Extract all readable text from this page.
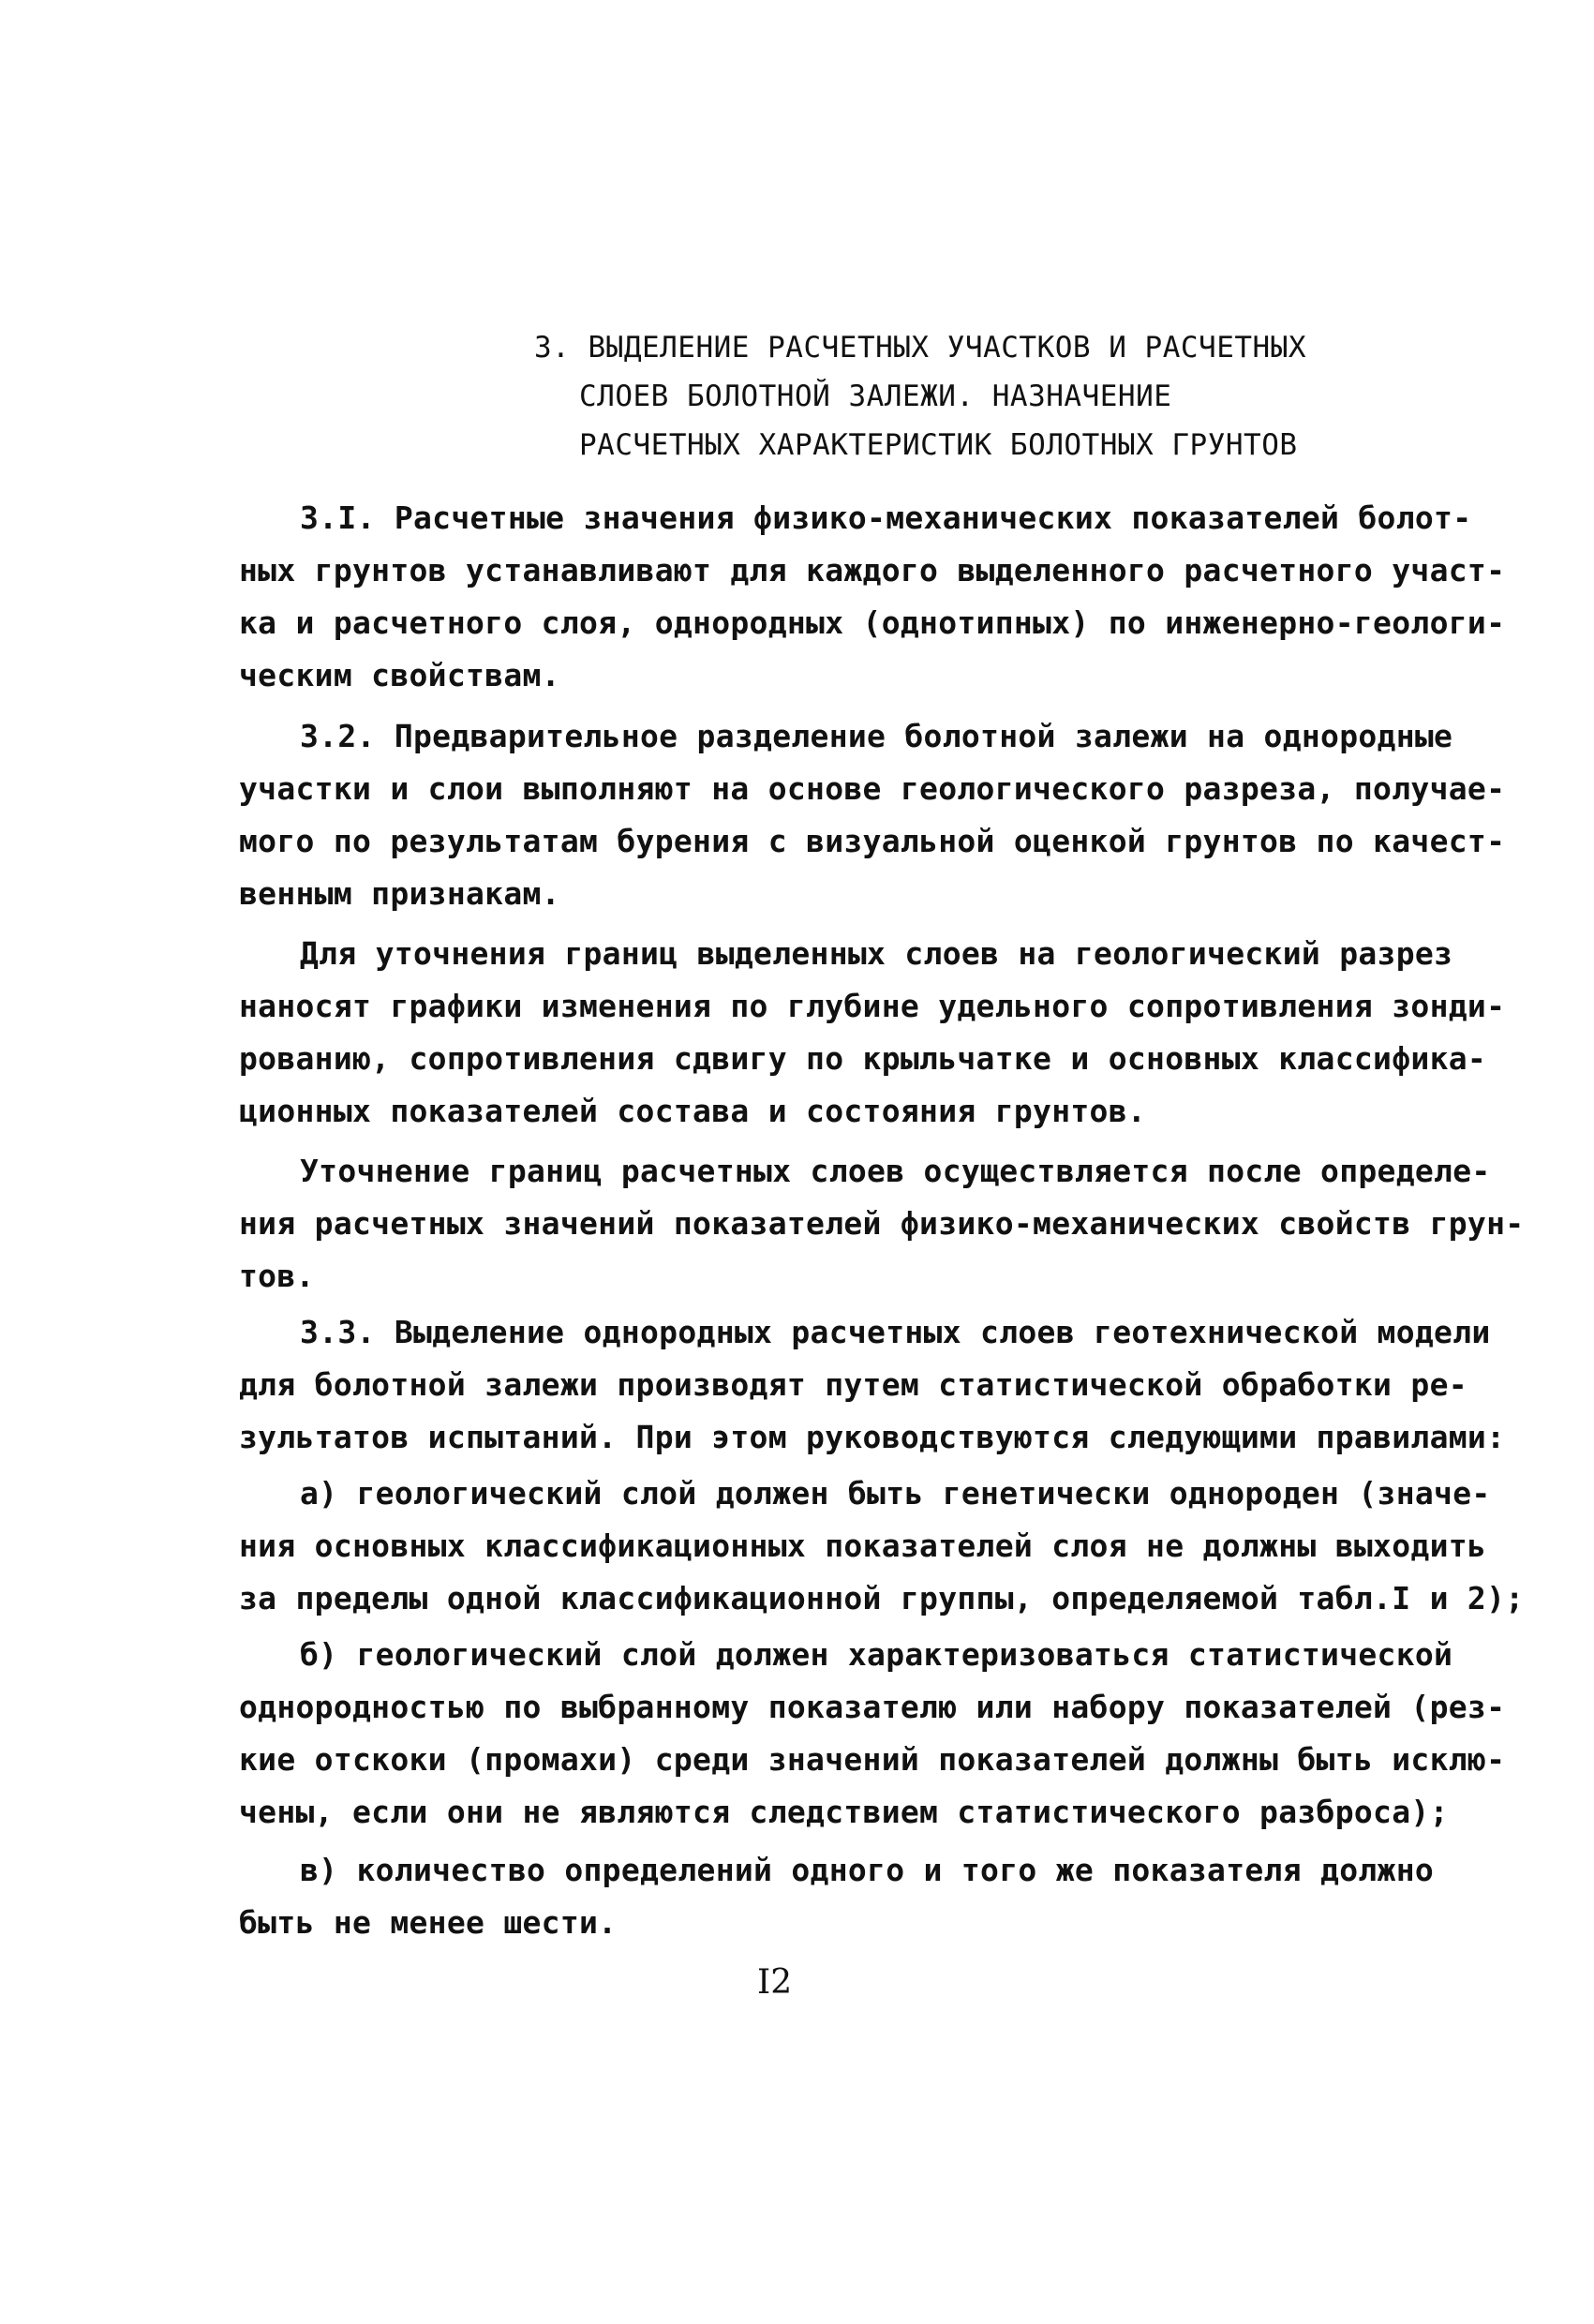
3. ВЫДЕЛЕНИЕ РАСЧЕТНЫХ УЧАСТКОВ И РАСЧЕТНЫХ
СЛОЕВ БОЛОТНОЙ ЗАЛЕЖИ. НАЗНАЧЕНИЕ
РАСЧЕТНЫХ ХАРАКТЕРИСТИК БОЛОТНЫХ ГРУНТОВ
3.I. Расчетные значения физико-механических показателей болот-
ных грунтов устанавливают для каждого выделенного расчетного участ-
ка и расчетного слоя, однородных (однотипных) по инженерно-геологи-
ческим свойствам.
3.2. Предварительное разделение болотной залежи на однородные
участки и слои выполняют на основе геологического разреза, получае-
мого по результатам бурения с визуальной оценкой грунтов по качест-
венным признакам.
Для уточнения границ выделенных слоев на геологический разрез
наносят графики изменения по глубине удельного сопротивления зонди-
рованию, сопротивления сдвигу по крыльчатке и основных классифика-
ционных показателей состава и состояния грунтов.
Уточнение границ расчетных слоев осуществляется после определе-
ния расчетных значений показателей физико-механических свойств грун-
тов.
3.3. Выделение однородных расчетных слоев геотехнической модели
для болотной залежи производят путем статистической обработки ре-
зультатов испытаний. При этом руководствуются следующими правилами:
а) геологический слой должен быть генетически однороден (значе-
ния основных классификационных показателей слоя не должны выходить
за пределы одной классификационной группы, определяемой табл.I и 2);
б) геологический слой должен характеризоваться статистической
однородностью по выбранному показателю или набору показателей (рез-
кие отскоки (промахи) среди значений показателей должны быть исклю-
чены, если они не являются следствием статистического разброса);
в) количество определений одного и того же показателя должно
быть не менее шести.
I2
